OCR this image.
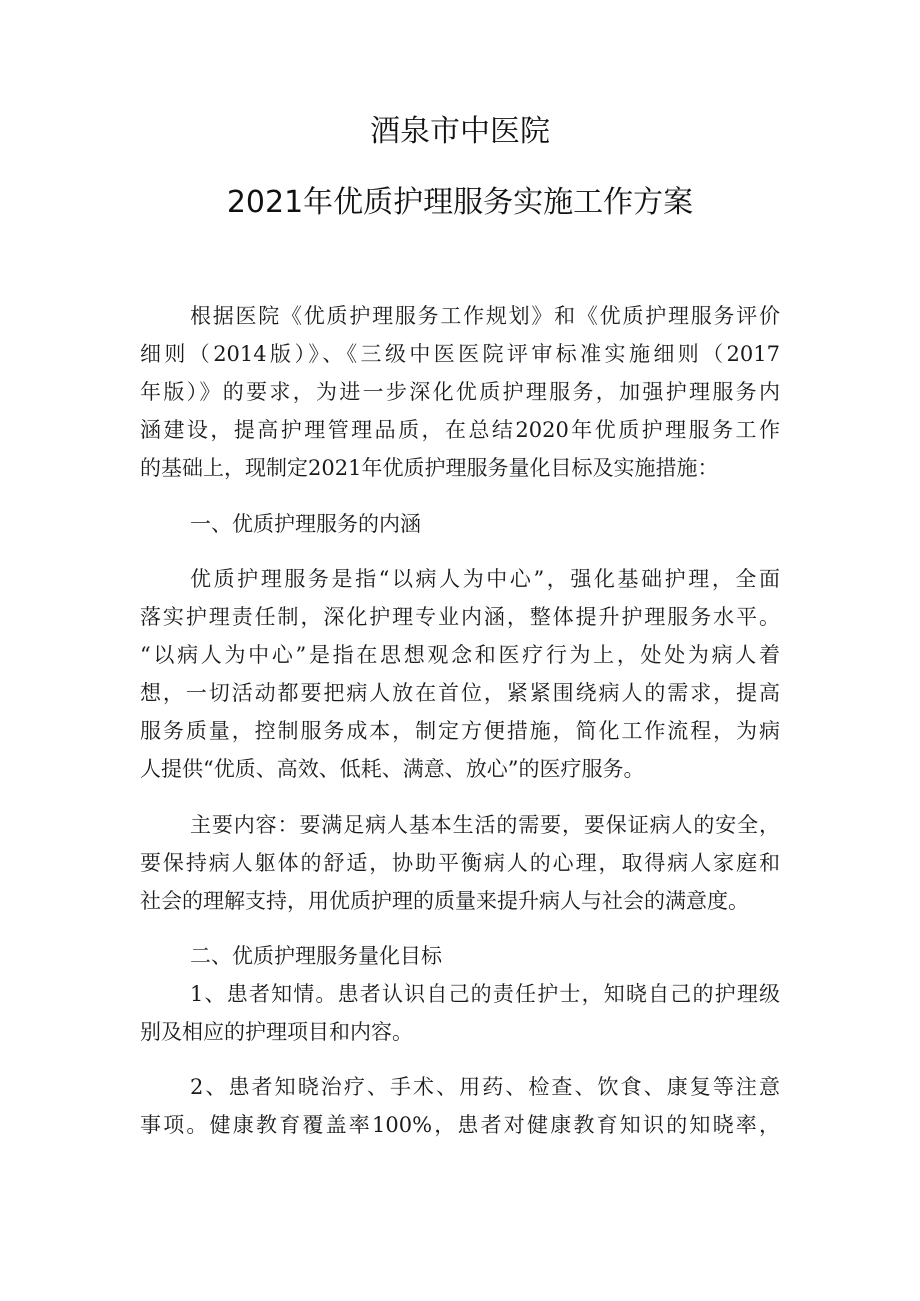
酒泉市中医院
2021年优质护理服务实施工作方案
根据医院《优质护理服务工作规划》和《优质护理服务评价
细则（2014版）》、《三级中医医院评审标准实施细则（2017
年版）》的要求，为进一步深化优质护理服务，加强护理服务内
涵建设，提高护理管理品质，在总结2020年优质护理服务工作
的基础上，现制定2021年优质护理服务量化目标及实施措施：
一、优质护理服务的内涵
优质护理服务是指“以病人为中心”，强化基础护理，全面
落实护理责任制，深化护理专业内涵，整体提升护理服务水平。
“以病人为中心”是指在思想观念和医疗行为上，处处为病人着
想，一切活动都要把病人放在首位，紧紧围绕病人的需求，提高
服务质量，控制服务成本，制定方便措施，简化工作流程，为病
人提供“优质、高效、低耗、满意、放心”的医疗服务。
主要内容：要满足病人基本生活的需要，要保证病人的安全，
要保持病人躯体的舒适，协助平衡病人的心理，取得病人家庭和
社会的理解支持，用优质护理的质量来提升病人与社会的满意度。
二、优质护理服务量化目标
1、患者知情。患者认识自己的责任护士，知晓自己的护理级
别及相应的护理项目和内容。
2、患者知晓治疗、手术、用药、检查、饮食、康复等注意
事项。健康教育覆盖率100%，患者对健康教育知识的知晓率，
